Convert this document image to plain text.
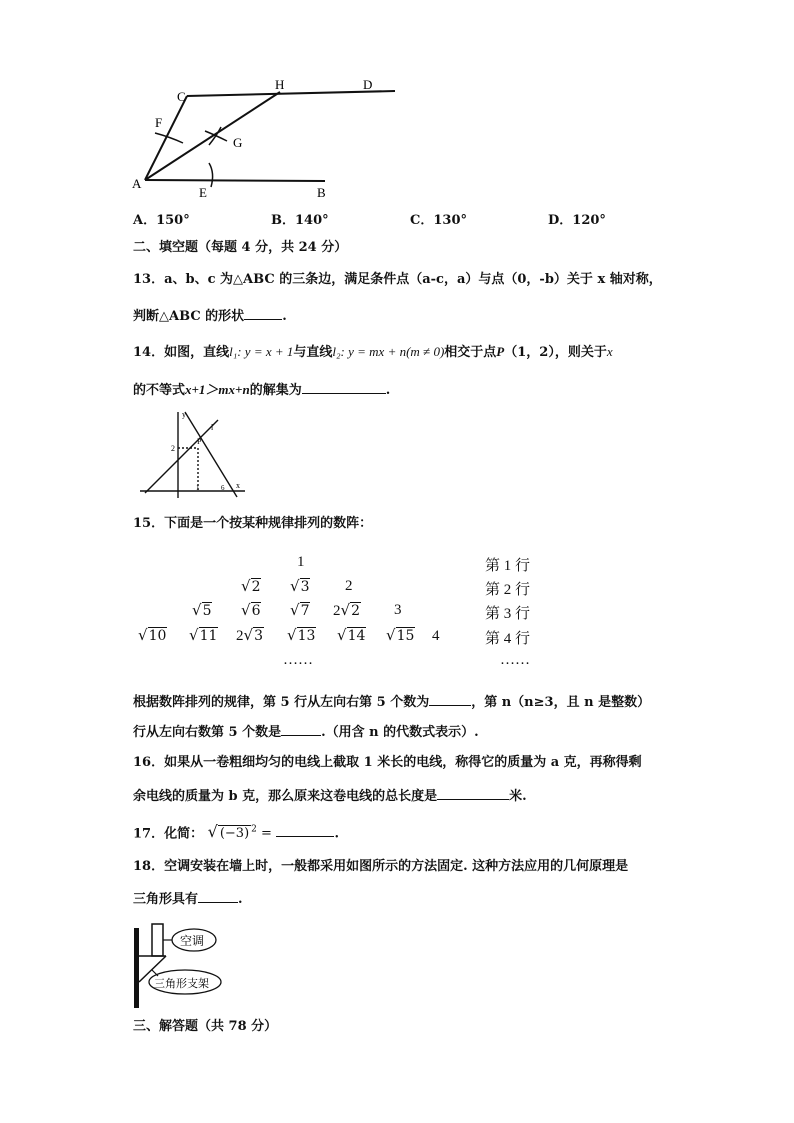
C
H	D
F
G
A
E	B
A．150°	B．140°	C．130°	D．120°
二、填空题（每题 4 分，共 24 分）
13．a、b、c 为△ABC 的三条边，满足条件点（a-c，a）与点（0，-b）关于 x 轴对称，
判断△ABC 的形状	.
14．如图，直线l₁: y = x + 1与直线l₂: y = mx + n(m ≠ 0)相交于点P（1，2），则关于x
的不等式x+1＞mx+n的解集为	.
y
x
P
l
2
1	6
15．下面是一个按某种规律排列的数阵：
1
√2 √3 2
√5 √6 √7 2√2 3
√10 √11 2√3 √13 √14 √15 4
……
第 1 行
第 2 行
第 3 行
第 4 行
……
根据数阵排列的规律，第 5 行从左向右第 5 个数为	，第 n（n≥3，且 n 是整数）
行从左向右数第 5 个数是	.（用含 n 的代数式表示）.
16．如果从一卷粗细均匀的电线上截取 1 米长的电线，称得它的质量为 a 克，再称得剩
余电线的质量为 b 克，那么原来这卷电线的总长度是	米.
17．化简： √ (−3) $^2$ =	.
18．空调安装在墙上时，一般都采用如图所示的方法固定. 这种方法应用的几何原理是
三角形具有	.
空调
三角形支架
三、解答题（共 78 分）
